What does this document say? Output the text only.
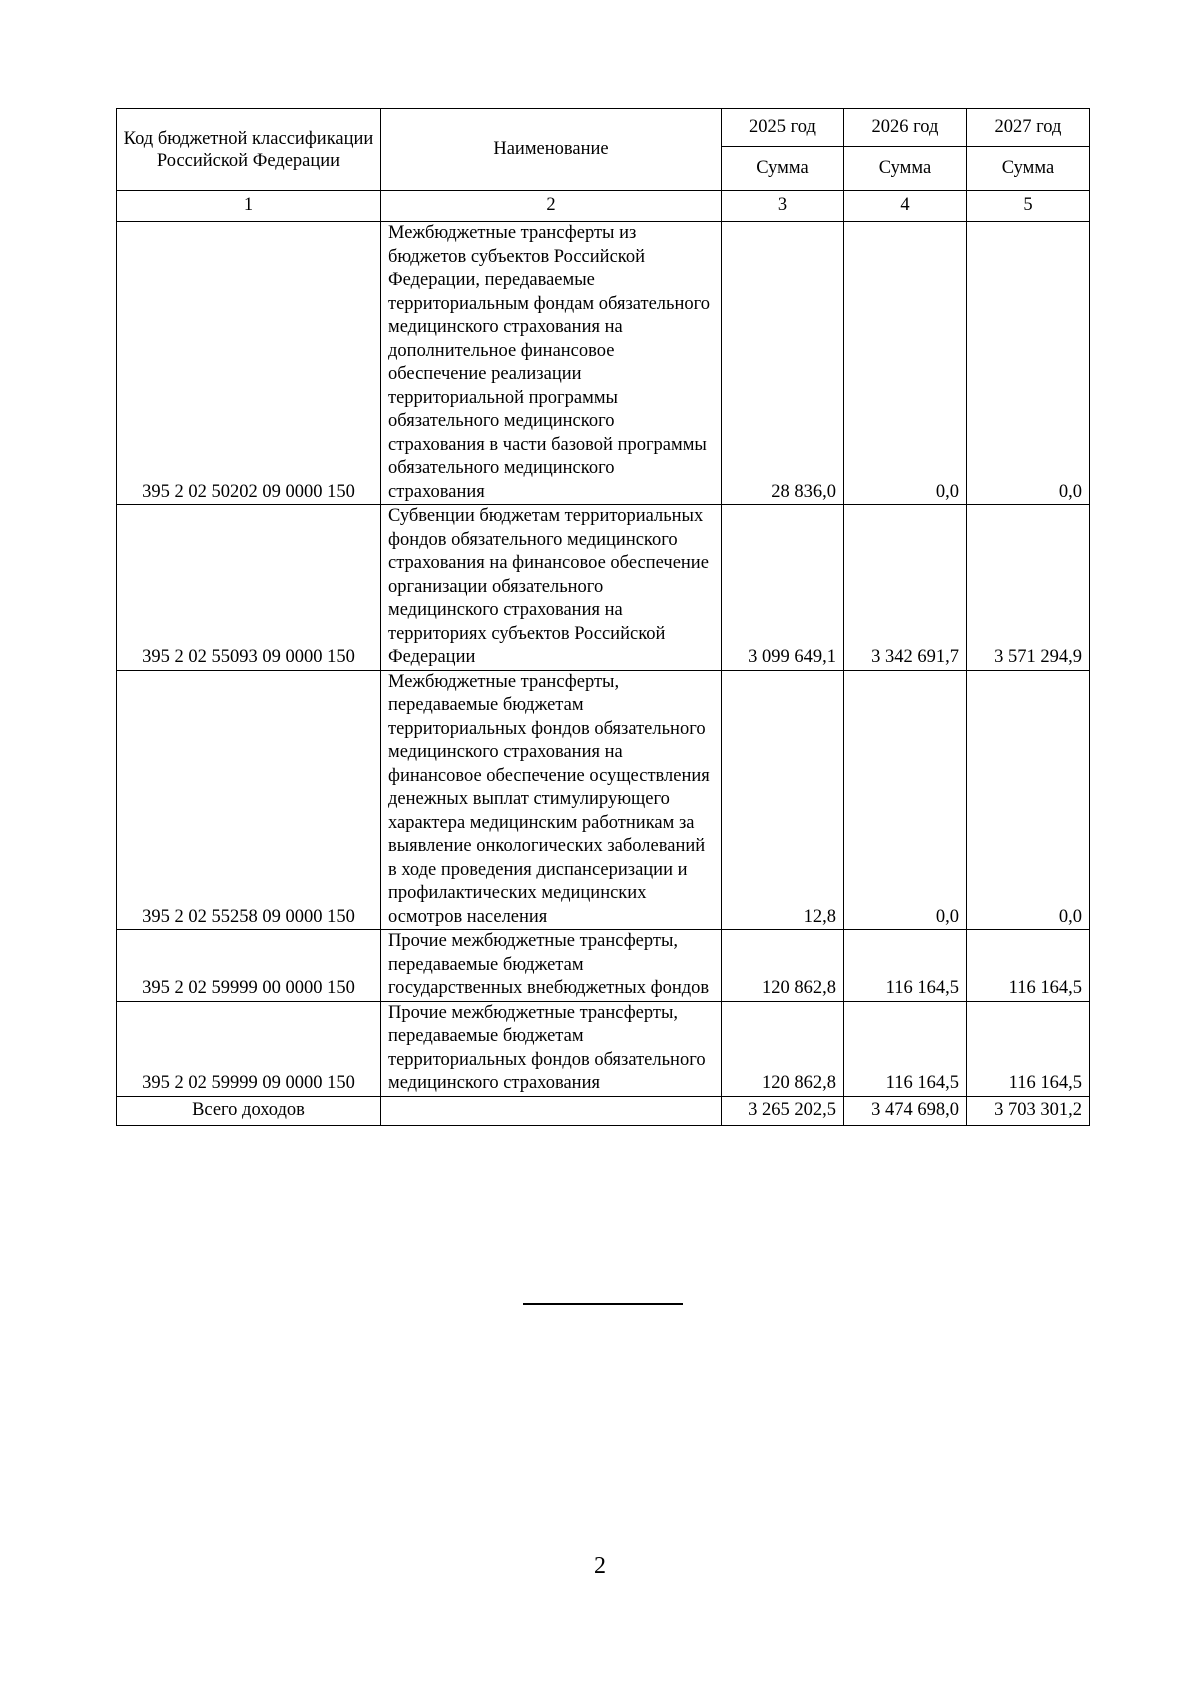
Код бюджетной классификации Российской Федерации	Наименование	2025 год	2026 год	2027 год
		Сумма	Сумма	Сумма
1	2	3	4	5
395 2 02 50202 09 0000 150	Межбюджетные трансферты из бюджетов субъектов Российской Федерации, передаваемые территориальным фондам обязательного медицинского страхования на дополнительное финансовое обеспечение реализации территориальной программы обязательного медицинского страхования в части базовой программы обязательного медицинского страхования	28 836,0	0,0	0,0
395 2 02 55093 09 0000 150	Субвенции бюджетам территориальных фондов обязательного медицинского страхования на финансовое обеспечение организации обязательного медицинского страхования на территориях субъектов Российской Федерации	3 099 649,1	3 342 691,7	3 571 294,9
395 2 02 55258 09 0000 150	Межбюджетные трансферты, передаваемые бюджетам территориальных фондов обязательного медицинского страхования на финансовое обеспечение осуществления денежных выплат стимулирующего характера медицинским работникам за выявление онкологических заболеваний в ходе проведения диспансеризации и профилактических медицинских осмотров населения	12,8	0,0	0,0
395 2 02 59999 00 0000 150	Прочие межбюджетные трансферты, передаваемые бюджетам государственных внебюджетных фондов	120 862,8	116 164,5	116 164,5
395 2 02 59999 09 0000 150	Прочие межбюджетные трансферты, передаваемые бюджетам территориальных фондов обязательного медицинского страхования	120 862,8	116 164,5	116 164,5
Всего доходов		3 265 202,5	3 474 698,0	3 703 301,2
2
